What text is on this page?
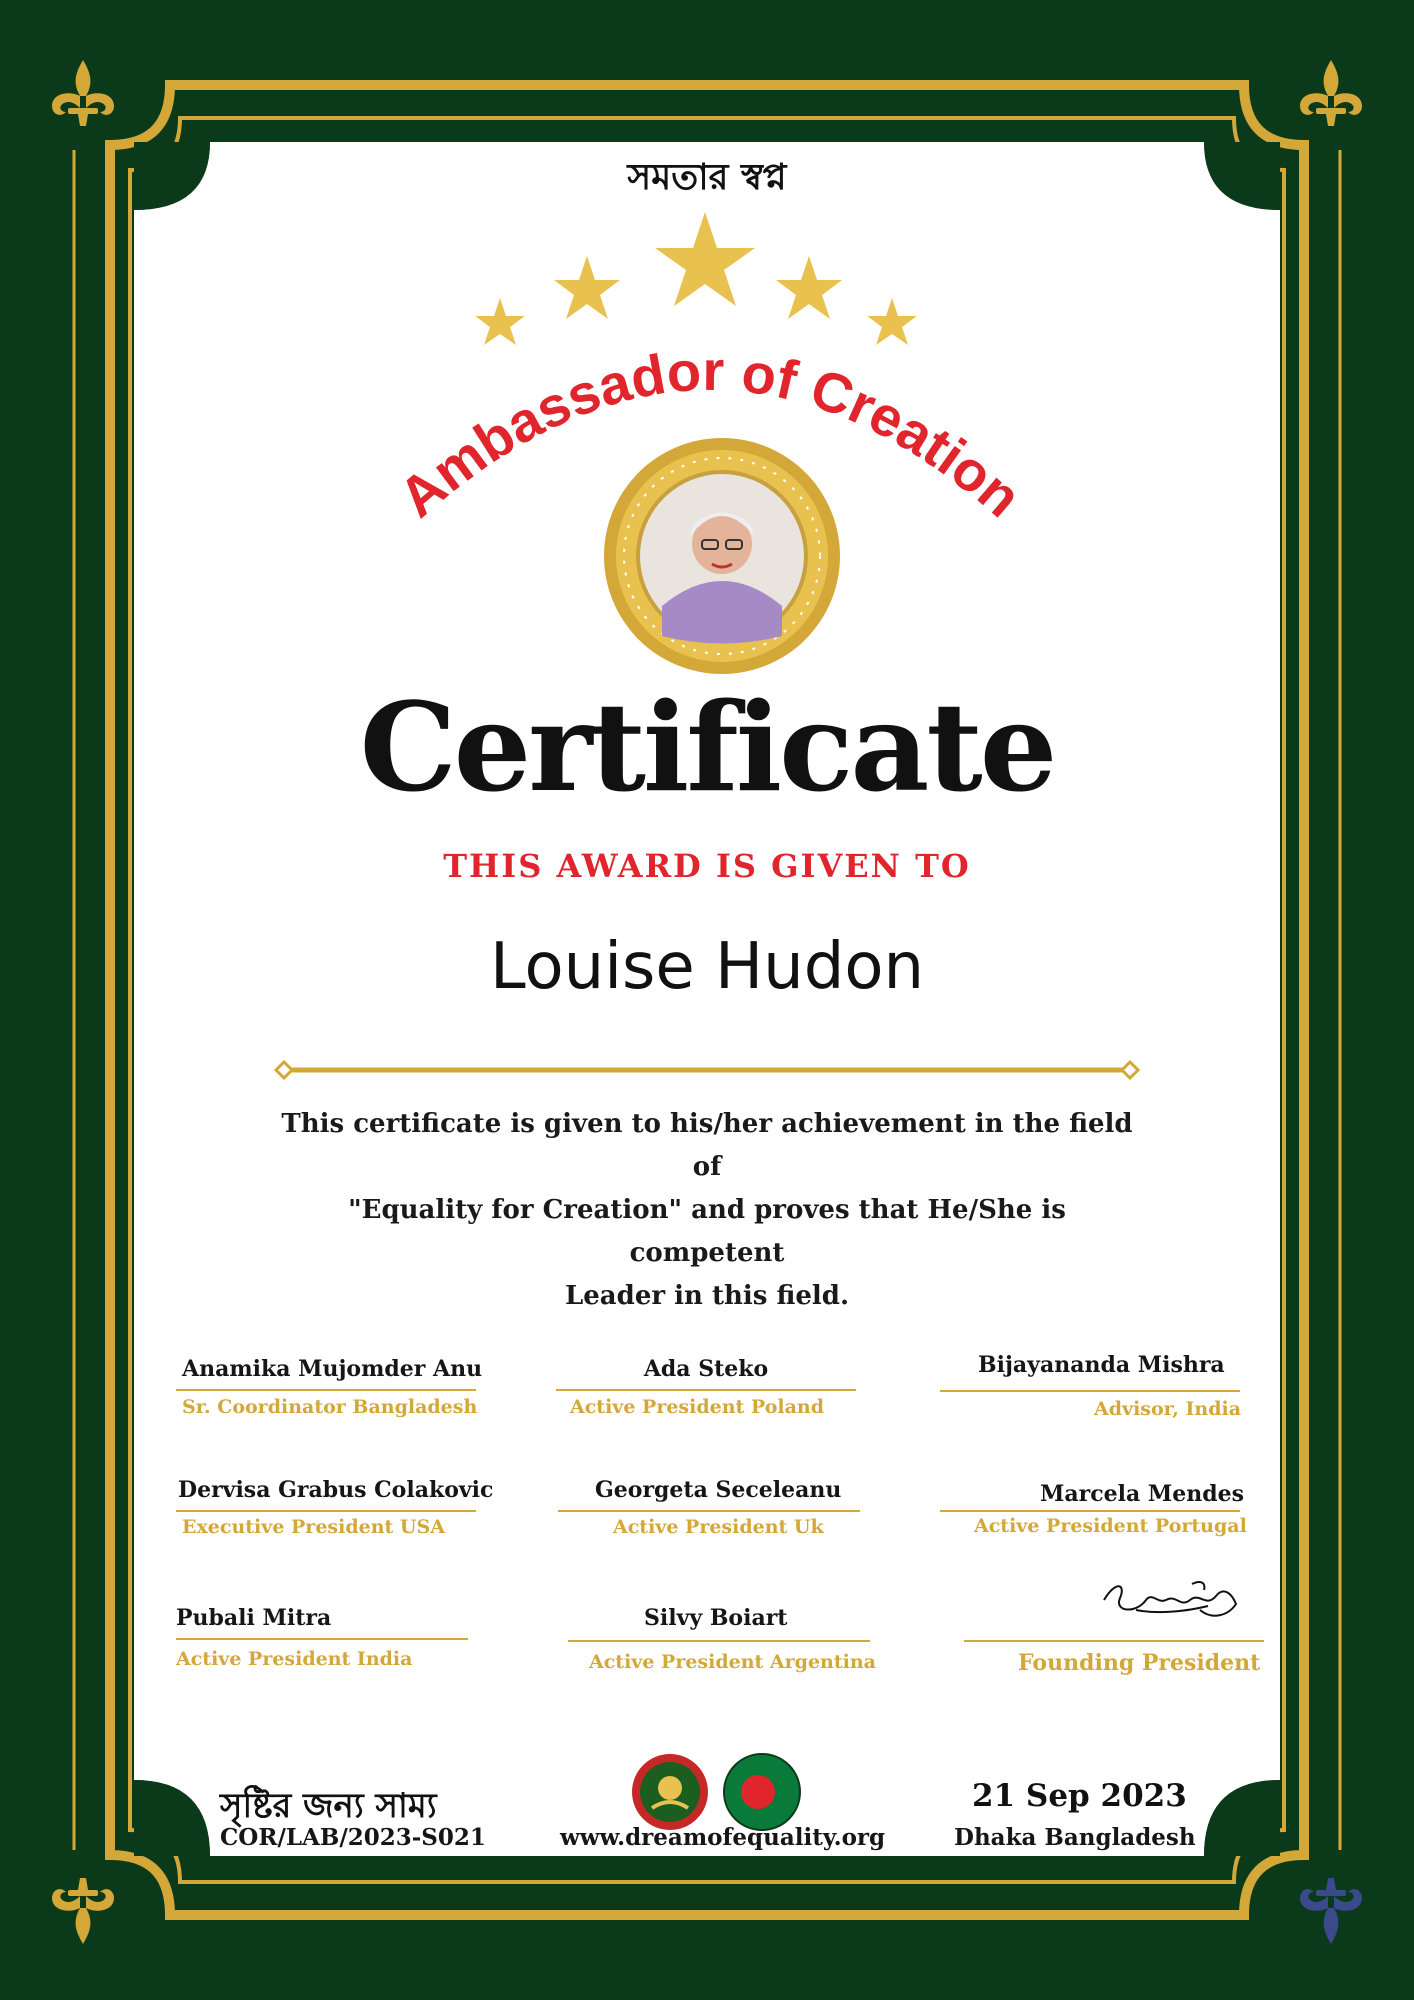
সমতার স্বপ্ন
Ambassador of Creation
Certificate
THIS AWARD IS GIVEN TO
Louise Hudon
This certificate is given to his/her achievement in the field of
"Equality for Creation" and proves that He/She is competent
Leader in this field.
Anamika Mujomder Anu
Sr. Coordinator Bangladesh
Ada Steko
Active President Poland
Bijayananda Mishra
Advisor, India
Dervisa Grabus Colakovic
Executive President USA
Georgeta Seceleanu
Active President Uk
Marcela Mendes
Active President Portugal
Pubali Mitra
Active President India
Silvy Boiart
Active President Argentina	Founding President
সৃষ্টির জন্য সাম্য
COR/LAB/2023-S021	www.dreamofequality.org
21 Sep 2023
Dhaka Bangladesh
